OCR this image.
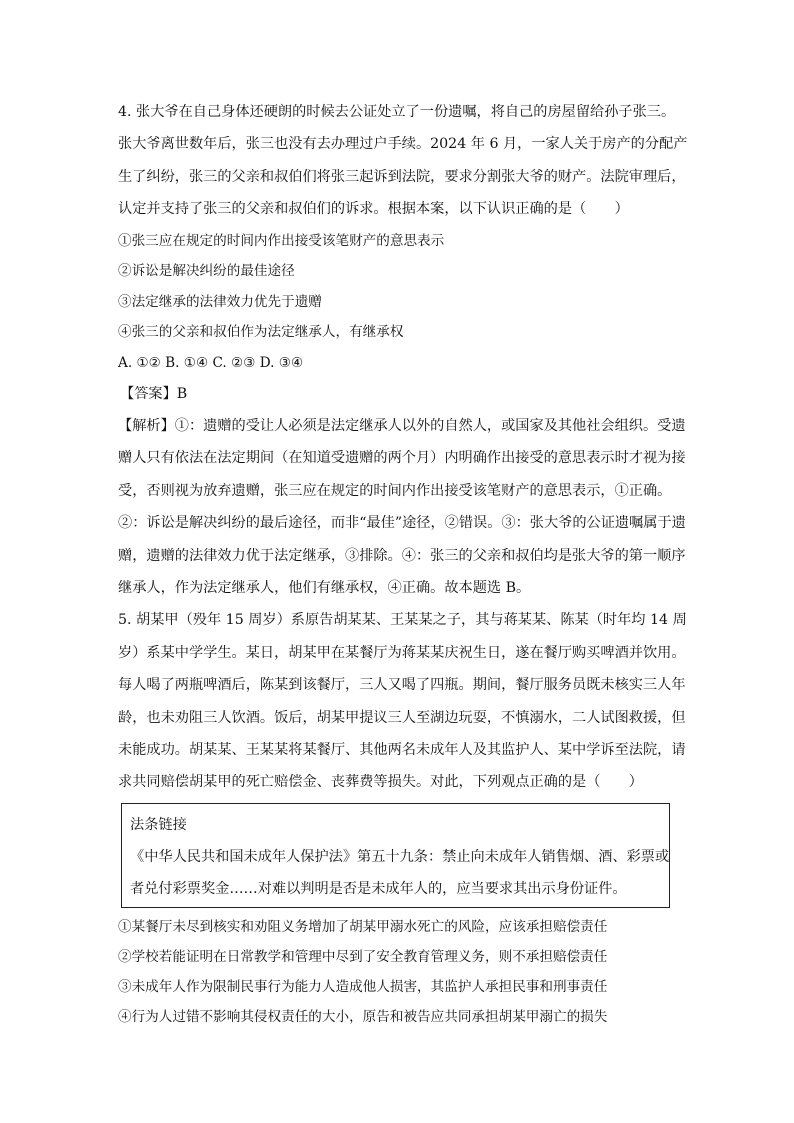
4. 张大爷在自己身体还硬朗的时候去公证处立了一份遗嘱，将自己的房屋留给孙子张三。

张大爷离世数年后，张三也没有去办理过户手续。2024 年 6 月，一家人关于房产的分配产

生了纠纷，张三的父亲和叔伯们将张三起诉到法院，要求分割张大爷的财产。法院审理后，

认定并支持了张三的父亲和叔伯们的诉求。根据本案，以下认识正确的是（　　）

①张三应在规定的时间内作出接受该笔财产的意思表示

②诉讼是解决纠纷的最佳途径

③法定继承的法律效力优先于遗赠

④张三的父亲和叔伯作为法定继承人，有继承权

A. ①② B. ①④ C. ②③ D. ③④

【答案】B

【解析】①：遗赠的受让人必须是法定继承人以外的自然人，或国家及其他社会组织。受遗

赠人只有依法在法定期间（在知道受遗赠的两个月）内明确作出接受的意思表示时才视为接

受，否则视为放弃遗赠，张三应在规定的时间内作出接受该笔财产的意思表示，①正确。

②：诉讼是解决纠纷的最后途径，而非“最佳”途径，②错误。③：张大爷的公证遗嘱属于遗

赠，遗赠的法律效力优于法定继承，③排除。④：张三的父亲和叔伯均是张大爷的第一顺序

继承人，作为法定继承人，他们有继承权，④正确。故本题选 B。

5. 胡某甲（殁年 15 周岁）系原告胡某某、王某某之子，其与蒋某某、陈某（时年均 14 周

岁）系某中学学生。某日，胡某甲在某餐厅为蒋某某庆祝生日，遂在餐厅购买啤酒并饮用。

每人喝了两瓶啤酒后，陈某到该餐厅，三人又喝了四瓶。期间，餐厅服务员既未核实三人年

龄，也未劝阻三人饮酒。饭后，胡某甲提议三人至湖边玩耍，不慎溺水，二人试图救援，但

未能成功。胡某某、王某某将某餐厅、其他两名未成年人及其监护人、某中学诉至法院，请

求共同赔偿胡某甲的死亡赔偿金、丧葬费等损失。对此，下列观点正确的是（　　）

法条链接

《中华人民共和国未成年人保护法》第五十九条：禁止向未成年人销售烟、酒、彩票或

者兑付彩票奖金……对难以判明是否是未成年人的，应当要求其出示身份证件。

①某餐厅未尽到核实和劝阻义务增加了胡某甲溺水死亡的风险，应该承担赔偿责任

②学校若能证明在日常教学和管理中尽到了安全教育管理义务，则不承担赔偿责任

③未成年人作为限制民事行为能力人造成他人损害，其监护人承担民事和刑事责任

④行为人过错不影响其侵权责任的大小，原告和被告应共同承担胡某甲溺亡的损失
